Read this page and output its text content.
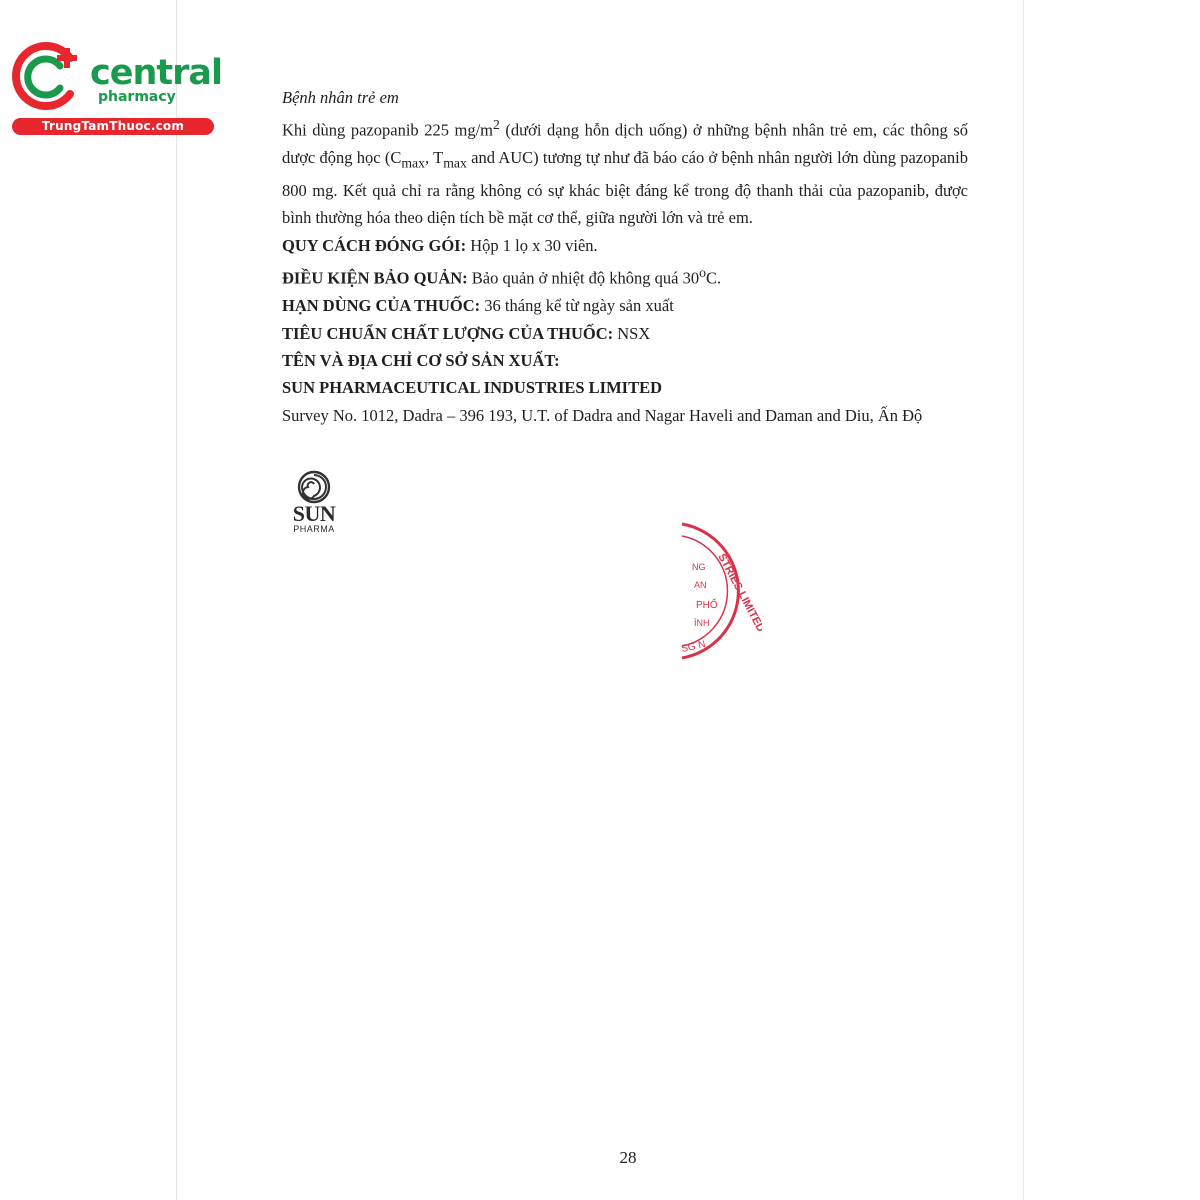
central
pharmacy
TrungTamThuoc.com

Bệnh nhân trẻ em

Khi dùng pazopanib 225 $mg/m^2$ (dưới dạng hỗn dịch uống) ở những bệnh nhân trẻ em, các thông số dược động học ($C_{max}$, $T_{max}$ and AUC) tương tự như đã báo cáo ở bệnh nhân người lớn dùng pazopanib 800 mg. Kết quả chỉ ra rằng không có sự khác biệt đáng kể trong độ thanh thải của pazopanib, được bình thường hóa theo diện tích bề mặt cơ thể, giữa người lớn và trẻ em.

QUY CÁCH ĐÓNG GÓI: Hộp 1 lọ x 30 viên.

ĐIỀU KIỆN BẢO QUẢN: Bảo quản ở nhiệt độ không quá 30$^o$C.

HẠN DÙNG CỦA THUỐC: 36 tháng kể từ ngày sản xuất

TIÊU CHUẨN CHẤT LƯỢNG CỦA THUỐC: NSX

TÊN VÀ ĐỊA CHỈ CƠ SỞ SẢN XUẤT:

SUN PHARMACEUTICAL INDUSTRIES LIMITED

Survey No. 1012, Dadra – 396 193, U.T. of Dadra and Nagar Haveli and Daman and Diu, Ấn Độ

SUN
PHARMA
STRIES LIMITED
NG
ẠN
PHỐ
ÌNH
SG N
28
